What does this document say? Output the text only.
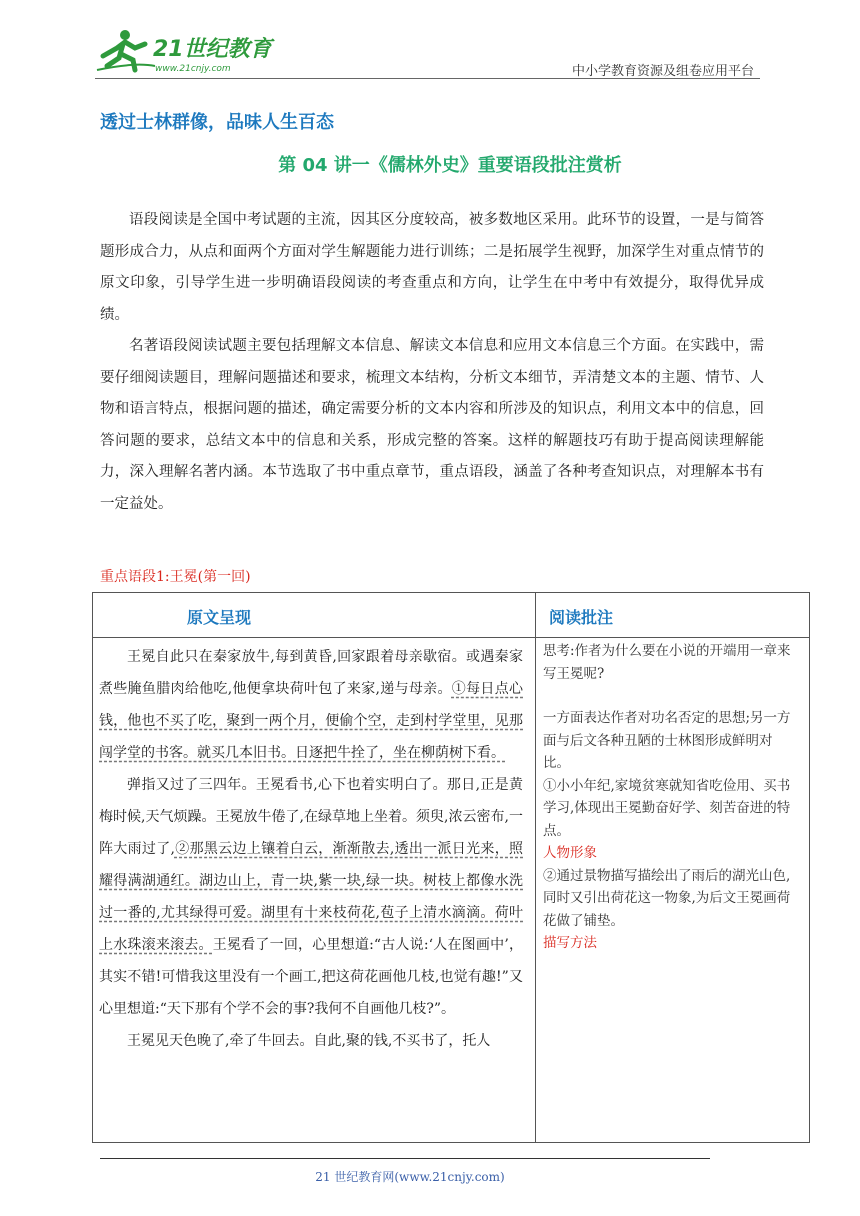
21世纪教育
www.21cnjy.com	中小学教育资源及组卷应用平台
透过士林群像，品味人生百态
第 04 讲一《儒林外史》重要语段批注赏析

语段阅读是全国中考试题的主流，因其区分度较高，被多数地区采用。此环节的设置，一是与简答题形成合力，从点和面两个方面对学生解题能力进行训练；二是拓展学生视野，加深学生对重点情节的原文印象，引导学生进一步明确语段阅读的考查重点和方向，让学生在中考中有效提分，取得优异成绩。

名著语段阅读试题主要包括理解文本信息、解读文本信息和应用文本信息三个方面。在实践中，需要仔细阅读题目，理解问题描述和要求，梳理文本结构，分析文本细节，弄清楚文本的主题、情节、人物和语言特点，根据问题的描述，确定需要分析的文本内容和所涉及的知识点，利用文本中的信息，回答问题的要求，总结文本中的信息和关系，形成完整的答案。这样的解题技巧有助于提高阅读理解能力，深入理解名著内涵。本节选取了书中重点章节，重点语段，涵盖了各种考查知识点，对理解本书有一定益处。

重点语段1:王冕(第一回)
原文呈现	阅读批注

王冕自此只在秦家放牛,每到黄昏,回家跟着母亲歇宿。或遇秦家煮些腌鱼腊肉给他吃,他便拿块荷叶包了来家,递与母亲。①每日点心钱，他也不买了吃，聚到一两个月，便偷个空，走到村学堂里，见那闯学堂的书客。就买几本旧书。日逐把牛拴了，坐在柳荫树下看。

弹指又过了三四年。王冕看书,心下也着实明白了。那日,正是黄梅时候,天气烦躁。王冕放牛倦了,在绿草地上坐着。须臾,浓云密布,一阵大雨过了,②那黑云边上镶着白云，渐渐散去,透出一派日光来，照耀得满湖通红。湖边山上，青一块,紫一块,绿一块。树枝上都像水洗过一番的,尤其绿得可爱。湖里有十来枝荷花,苞子上清水滴滴。荷叶上水珠滚来滚去。王冕看了一回，心里想道:“古人说:‘人在图画中’，其实不错!可惜我这里没有一个画工,把这荷花画他几枝,也觉有趣!”又心里想道:“天下那有个学不会的事?我何不自画他几枝?”。

王冕见天色晚了,牵了牛回去。自此,聚的钱,不买书了，托人

思考:作者为什么要在小说的开端用一章来写王冕呢?

一方面表达作者对功名否定的思想;另一方面与后文各种丑陋的士林图形成鲜明对比。

①小小年纪,家境贫寒就知省吃俭用、买书学习,体现出王冕勤奋好学、刻苦奋进的特点。

人物形象

②通过景物描写描绘出了雨后的湖光山色,同时又引出荷花这一物象,为后文王冕画荷花做了铺垫。

描写方法

21 世纪教育网(www.21cnjy.com)
